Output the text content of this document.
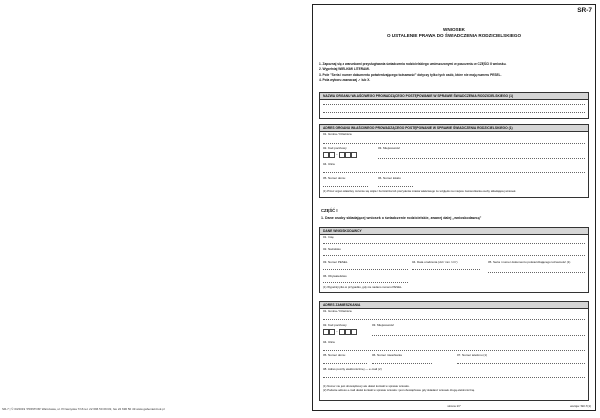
SR-7
WNIOSEK
O USTALENIE PRAWA DO ŚWIADCZENIA RODZICIELSKIEGO
1. Zapoznaj się z warunkami przysługiwania świadczenia rodzicielskiego umieszczonymi w pouczeniu w CZĘŚCI II wniosku.
2. Wypełniaj WIELKIMI LITERAMI.
3. Pole "Seria i numer dokumentu potwierdzającego tożsamość" dotyczy tylko tych osób, które nie mają numeru PESEL.
4. Pola wyboru zaznaczaj ✓ lub X.
NAZWA ORGANU WŁAŚCIWEGO PROWADZĄCEGO POSTĘPOWANIE W SPRAWIE ŚWIADCZENIA RODZICIELSKIEGO (1)
ADRES ORGANU WŁAŚCIWEGO PROWADZĄCEGO POSTĘPOWANIE W SPRAWIE ŚWIADCZENIA RODZICIELSKIEGO (1)
01. Gmina / Dzielnica
02. Kod pocztowy
–
03. Miejscowość
04. Ulica
05. Numer domu	06. Numer lokalu
(1) Przez organ właściwy rozumie się wójta / burmistrza lub prezydenta miasta właściwego ze względu na miejsce zamieszkania osoby składającej wniosek.
CZĘŚĆ I
1. Dane osoby składającej wniosek o świadczenie rodzicielskie, zwanej dalej „wnioskodawcą"
DANE WNIOSKODAWCY
01. Imię
02. Nazwisko
03. Numer PESEL	04. Data urodzenia (dd / mm / rrrr)	05. Seria i numer dokumentu potwierdzającego tożsamość (1)
06. Obywatelstwo
(1) Wypełnij tylko w przypadku, gdy nie nadano numeru PESEL.
ADRES ZAMIESZKANIA
01. Gmina / Dzielnica
02. Kod pocztowy
–
03. Miejscowość
04. Ulica
05. Numer domu	06. Numer mieszkania	07. Numer telefonu (1)
08. Adres poczty elektronicznej — e-mail (2)
(1) Numer nie jest obowiązkowy ale ułatwi kontakt w sprawie wniosku.
(2) Podanie adresu e-mail ułatwi kontakt w sprawie wniosku i jest obowiązkowe gdy składasz wniosek drogą elektroniczną.
strona 1/7	wersja: SR-7(1)
SR-7 | © 03/2019 'PRINTOM' Warszawa, ul. Przasnyska 7/16 tel. 22 696 50 09 R2, fax 22 696 50 49 www.gabentek.bok.pl
